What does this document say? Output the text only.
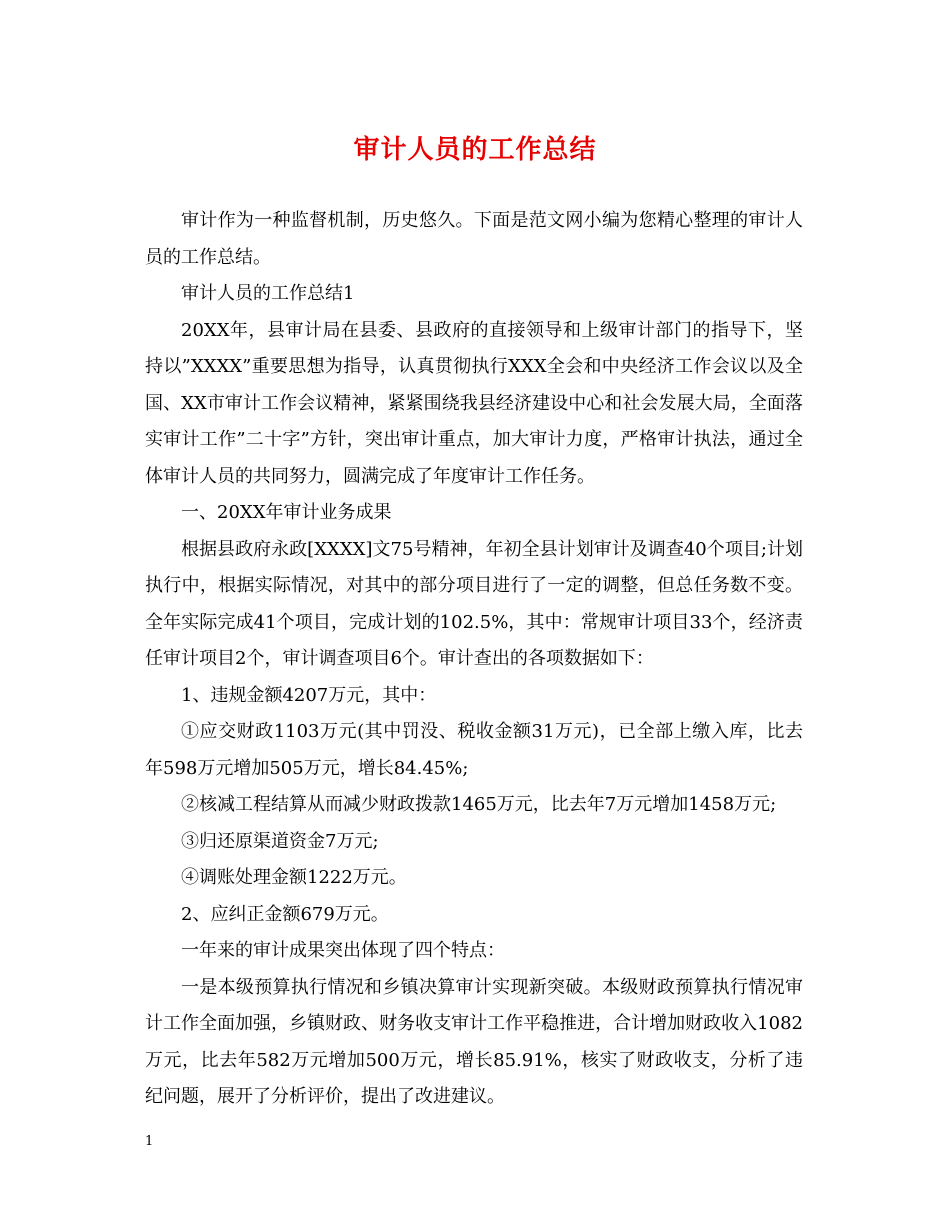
审计人员的工作总结

审计作为一种监督机制，历史悠久。下面是范文网小编为您精心整理的审计人员的工作总结。

审计人员的工作总结1

20XX年，县审计局在县委、县政府的直接领导和上级审计部门的指导下，坚持以”XXXX”重要思想为指导，认真贯彻执行XXX全会和中央经济工作会议以及全国、XX市审计工作会议精神，紧紧围绕我县经济建设中心和社会发展大局，全面落实审计工作”二十字”方针，突出审计重点，加大审计力度，严格审计执法，通过全体审计人员的共同努力，圆满完成了年度审计工作任务。

一、20XX年审计业务成果

根据县政府永政[XXXX]文75号精神，年初全县计划审计及调查40个项目;计划执行中，根据实际情况，对其中的部分项目进行了一定的调整，但总任务数不变。全年实际完成41个项目，完成计划的102.5%，其中：常规审计项目33个，经济责任审计项目2个，审计调查项目6个。审计查出的各项数据如下：

1、违规金额4207万元，其中：

①应交财政1103万元(其中罚没、税收金额31万元)，已全部上缴入库，比去年598万元增加505万元，增长84.45%;

②核减工程结算从而减少财政拨款1465万元，比去年7万元增加1458万元;

③归还原渠道资金7万元;

④调账处理金额1222万元。

2、应纠正金额679万元。

一年来的审计成果突出体现了四个特点：

一是本级预算执行情况和乡镇决算审计实现新突破。本级财政预算执行情况审计工作全面加强，乡镇财政、财务收支审计工作平稳推进，合计增加财政收入1082万元，比去年582万元增加500万元，增长85.91%，核实了财政收支，分析了违纪问题，展开了分析评价，提出了改进建议。

1
